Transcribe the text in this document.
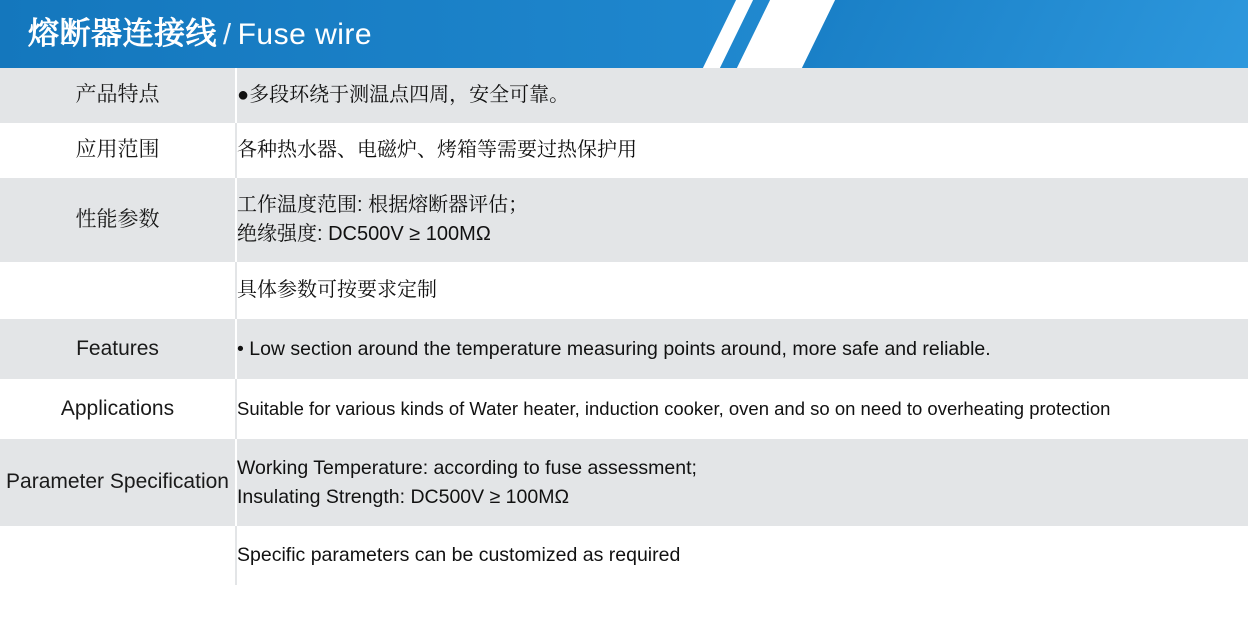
熔断器连接线 / Fuse wire
产品特点	●多段环绕于测温点四周，安全可靠。

应用范围	各种热水器、电磁炉、烤箱等需要过热保护用

性能参数	工作温度范围: 根据熔断器评估；
绝缘强度: DC500V ≥ 100MΩ

	具体参数可按要求定制

Features	• Low section around the temperature measuring points around, more safe and reliable.

Applications	Suitable for various kinds of Water heater, induction cooker, oven and so on need to overheating protection

Parameter Specification	Working Temperature: according to fuse assessment;
Insulating Strength: DC500V ≥ 100MΩ

	Specific parameters can be customized as required
